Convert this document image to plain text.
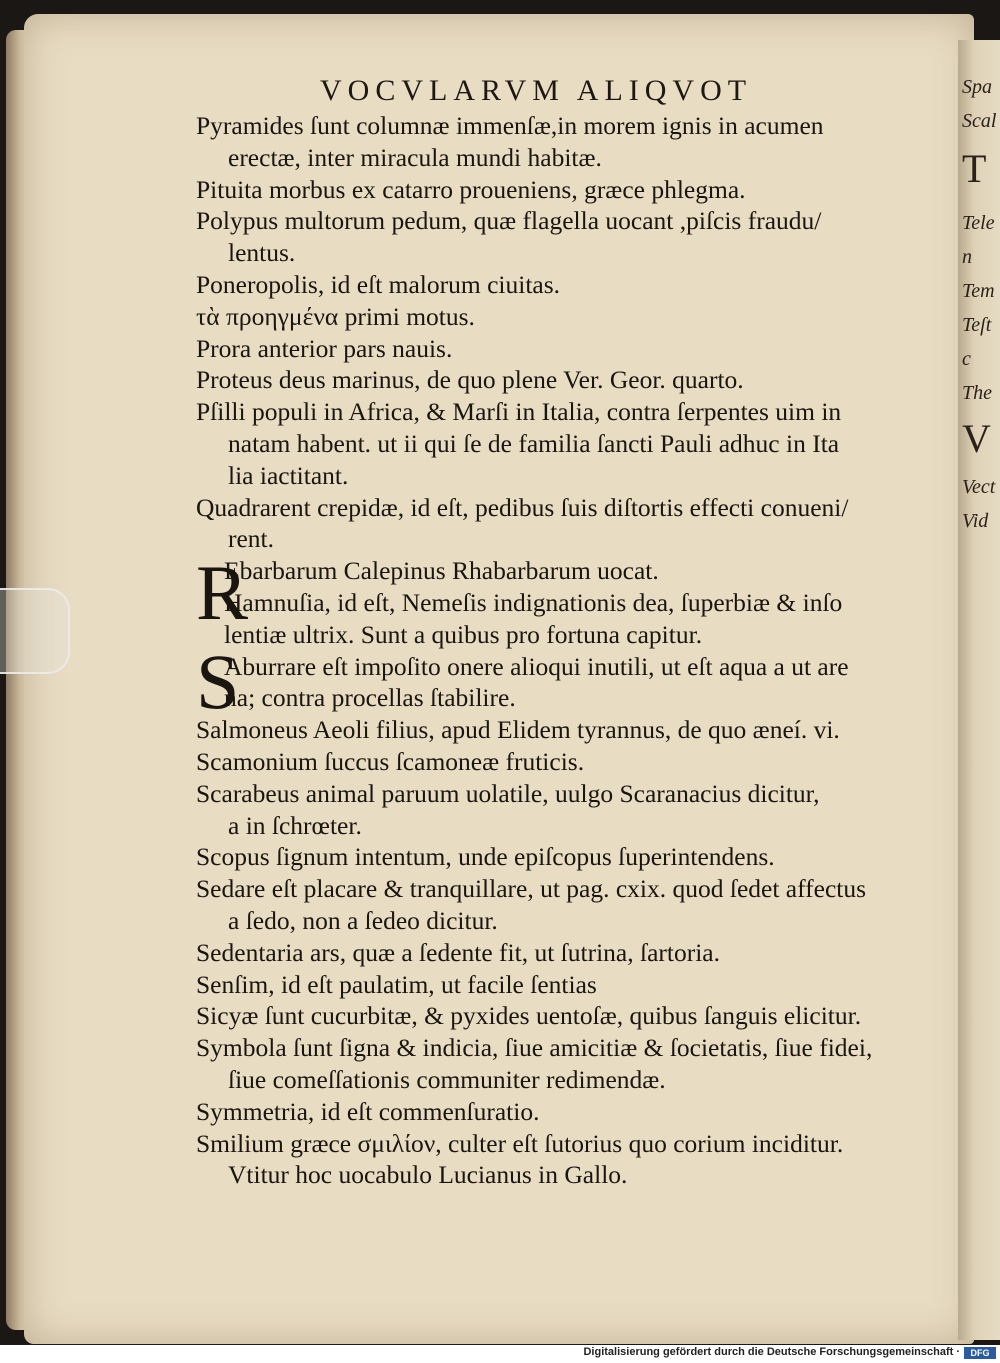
VOCVLARVM ALIQVOT	Spa
Scal
T
Tele
n
Tem
Teſt
c
The
V
Vect
Vid
R
S

Pyramides ſunt columnæ immenſæ,in morem ignis in acumen

erectæ, inter miracula mundi habitæ.

Pituita morbus ex catarro proueniens, græce phlegma.

Polypus multorum pedum, quæ flagella uocant ,piſcis fraudu/

lentus.

Poneropolis, id eſt malorum ciuitas.

τὰ προηγμένα primi motus.

Prora anterior pars nauis.

Proteus deus marinus, de quo plene Ver. Geor. quarto.

Pſilli populi in Africa, & Marſi in Italia, contra ſerpentes uim in

natam habent. ut ii qui ſe de familia ſancti Pauli adhuc in Ita

lia iactitant.

Quadrarent crepidæ, id eſt, pedibus ſuis diſtortis effecti conueni/

rent.

Ebarbarum Calepinus Rhabarbarum uocat.

Hamnuſia, id eſt, Nemeſis indignationis dea, ſuperbiæ & inſo

lentiæ ultrix. Sunt a quibus pro fortuna capitur.

Aburrare eſt impoſito onere alioqui inutili, ut eſt aqua a ut are

na; contra procellas ſtabilire.

Salmoneus Aeoli filius, apud Elidem tyrannus, de quo æneí. vi.

Scamonium ſuccus ſcamoneæ fruticis.

Scarabeus animal paruum uolatile, uulgo Scaranacius dicitur,

a in ſchrœter.

Scopus ſignum intentum, unde epiſcopus ſuperintendens.

Sedare eſt placare & tranquillare, ut pag. cxix. quod ſedet affectus

a ſedo, non a ſedeo dicitur.

Sedentaria ars, quæ a ſedente fit, ut ſutrina, ſartoria.

Senſim, id eſt paulatim, ut facile ſentias

Sicyæ ſunt cucurbitæ, & pyxides uentoſæ, quibus ſanguis elicitur.

Symbola ſunt ſigna & indicia, ſiue amicitiæ & ſocietatis, ſiue fidei,

ſiue comeſſationis communiter redimendæ.

Symmetria, id eſt commenſuratio.

Smilium græce σμιλίον, culter eſt ſutorius quo corium inciditur.

Vtitur hoc uocabulo Lucianus in Gallo.

Digitalisierung gefördert durch die Deutsche Forschungsgemeinschaft ·	DFG
